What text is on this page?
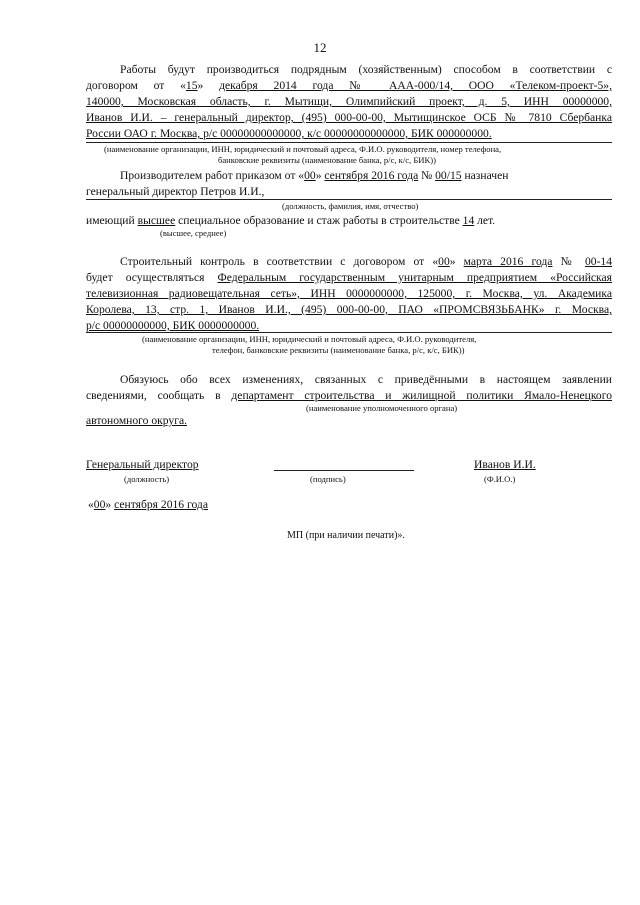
12
Работы будут производиться подрядным (хозяйственным) способом в соответствии с
договором от «15» декабря 2014 года № ААА-000/14, ООО «Телеком-проект-5»,
140000, Московская область, г. Мытищи, Олимпийский проект, д. 5, ИНН 00000000,
Иванов И.И. – генеральный директор, (495) 000-00-00, Мытищинское ОСБ № 7810 Сбербанка
России ОАО г. Москва, р/с 00000000000000, к/с 00000000000000, БИК 000000000.
(наименование организации, ИНН, юридический и почтовый адреса, Ф.И.О. руководителя, номер телефона,
банковские реквизиты (наименование банка, р/с, к/с, БИК))
Производителем работ приказом от «00» сентября 2016 года № 00/15 назначен
генеральный директор Петров И.И.,
(должность, фамилия, имя, отчество)
имеющий высшее специальное образование и стаж работы в строительстве 14 лет.
(высшее, среднее)
Строительный контроль в соответствии с договором от «00» марта 2016 года № 00-14
будет осуществляться Федеральным государственным унитарным предприятием «Российская
телевизионная радиовещательная сеть», ИНН 0000000000, 125000, г. Москва, ул. Академика
Королева, 13, стр. 1, Иванов И.И., (495) 000-00-00, ПАО «ПРОМСВЯЗЬБАНК» г. Москва,
р/с 00000000000, БИК 0000000000.
(наименование организации, ИНН, юридический и почтовый адреса, Ф.И.О. руководителя,
телефон, банковские реквизиты (наименование банка, р/с, к/с, БИК))
Обязуюсь обо всех изменениях, связанных с приведёнными в настоящем заявлении
сведениями, сообщать в департамент строительства и жилищной политики Ямало-Ненецкого
(наименование уполномоченного органа)
автономного округа.
Генеральный директор
(должность)	(подпись)
Иванов И.И.
(Ф.И.О.)
«00» сентября 2016 года
МП (при наличии печати)».
